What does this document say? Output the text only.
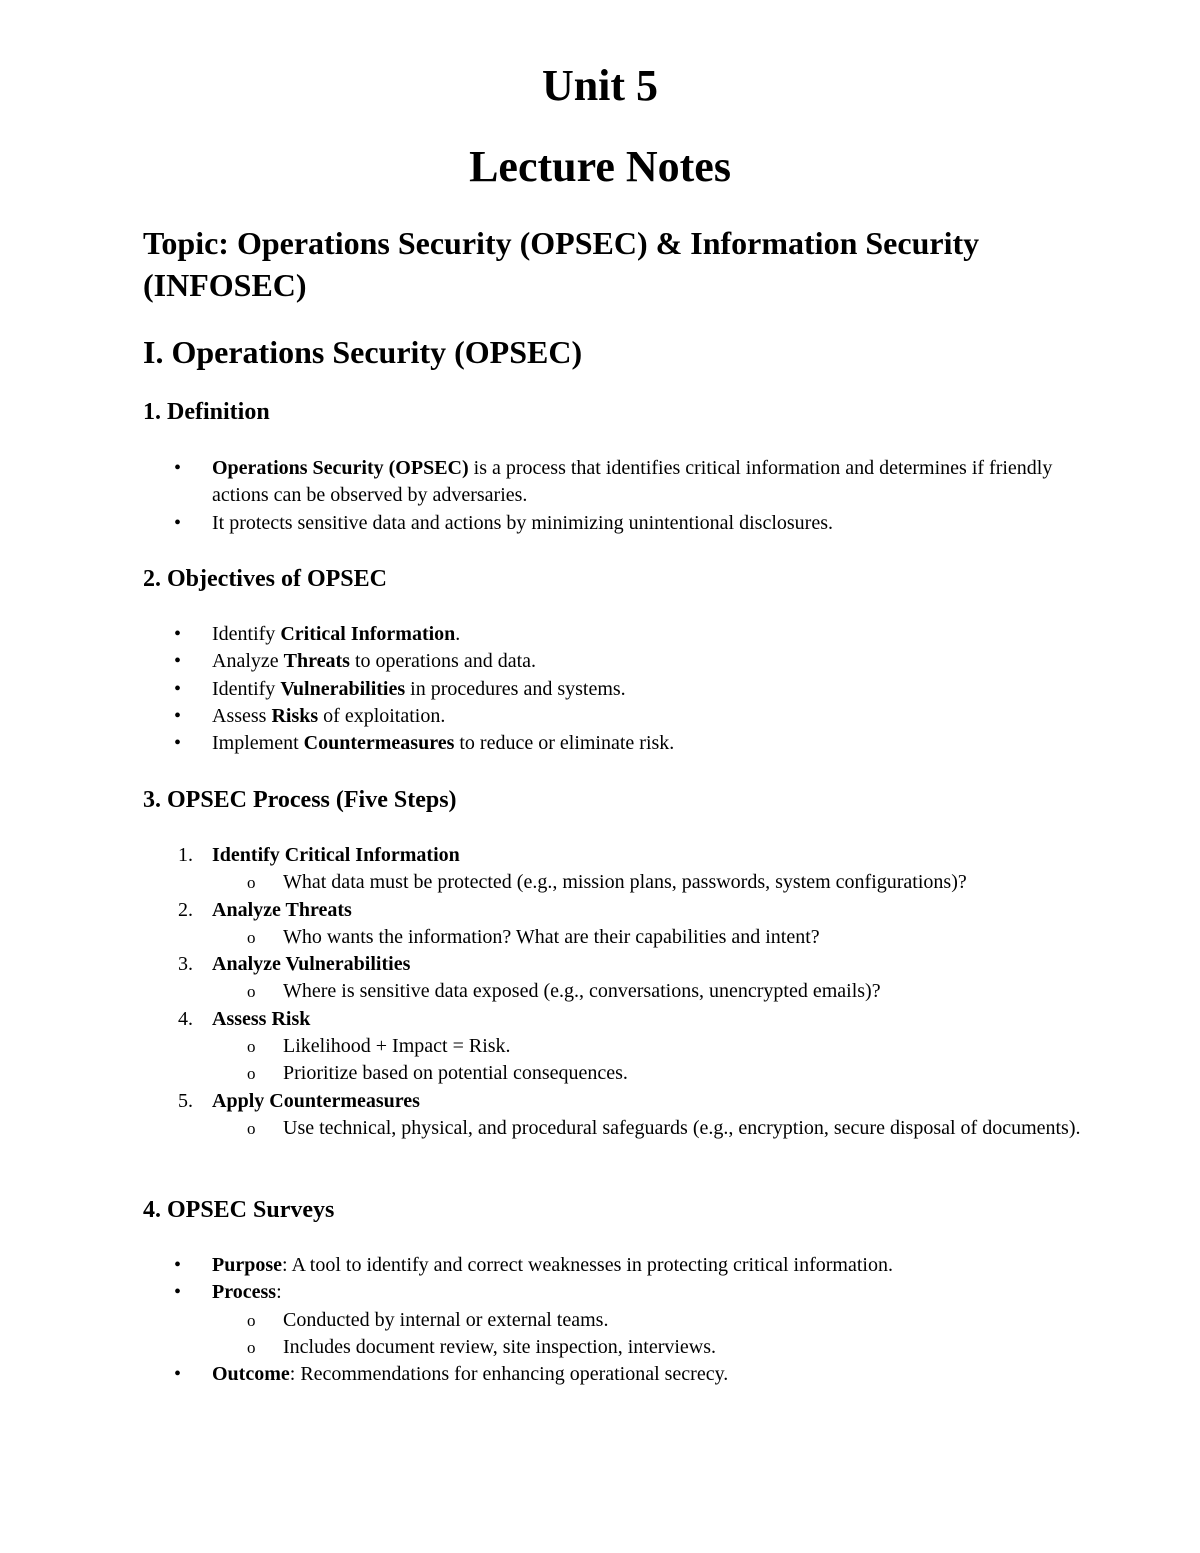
Unit 5
Lecture Notes
Topic: Operations Security (OPSEC) & Information Security (INFOSEC)
I. Operations Security (OPSEC)
1. Definition
• Operations Security (OPSEC) is a process that identifies critical information and determines if friendly actions can be observed by adversaries.
• It protects sensitive data and actions by minimizing unintentional disclosures.
2. Objectives of OPSEC
• Identify Critical Information.
• Analyze Threats to operations and data.
• Identify Vulnerabilities in procedures and systems.
• Assess Risks of exploitation.
• Implement Countermeasures to reduce or eliminate risk.
3. OPSEC Process (Five Steps)
1. Identify Critical Information
o What data must be protected (e.g., mission plans, passwords, system configurations)?
2. Analyze Threats
o Who wants the information? What are their capabilities and intent?
3. Analyze Vulnerabilities
o Where is sensitive data exposed (e.g., conversations, unencrypted emails)?
4. Assess Risk
o Likelihood + Impact = Risk.
o Prioritize based on potential consequences.
5. Apply Countermeasures
o Use technical, physical, and procedural safeguards (e.g., encryption, secure disposal of documents).
4. OPSEC Surveys
• Purpose: A tool to identify and correct weaknesses in protecting critical information.
• Process:
o Conducted by internal or external teams.
o Includes document review, site inspection, interviews.
• Outcome: Recommendations for enhancing operational secrecy.
